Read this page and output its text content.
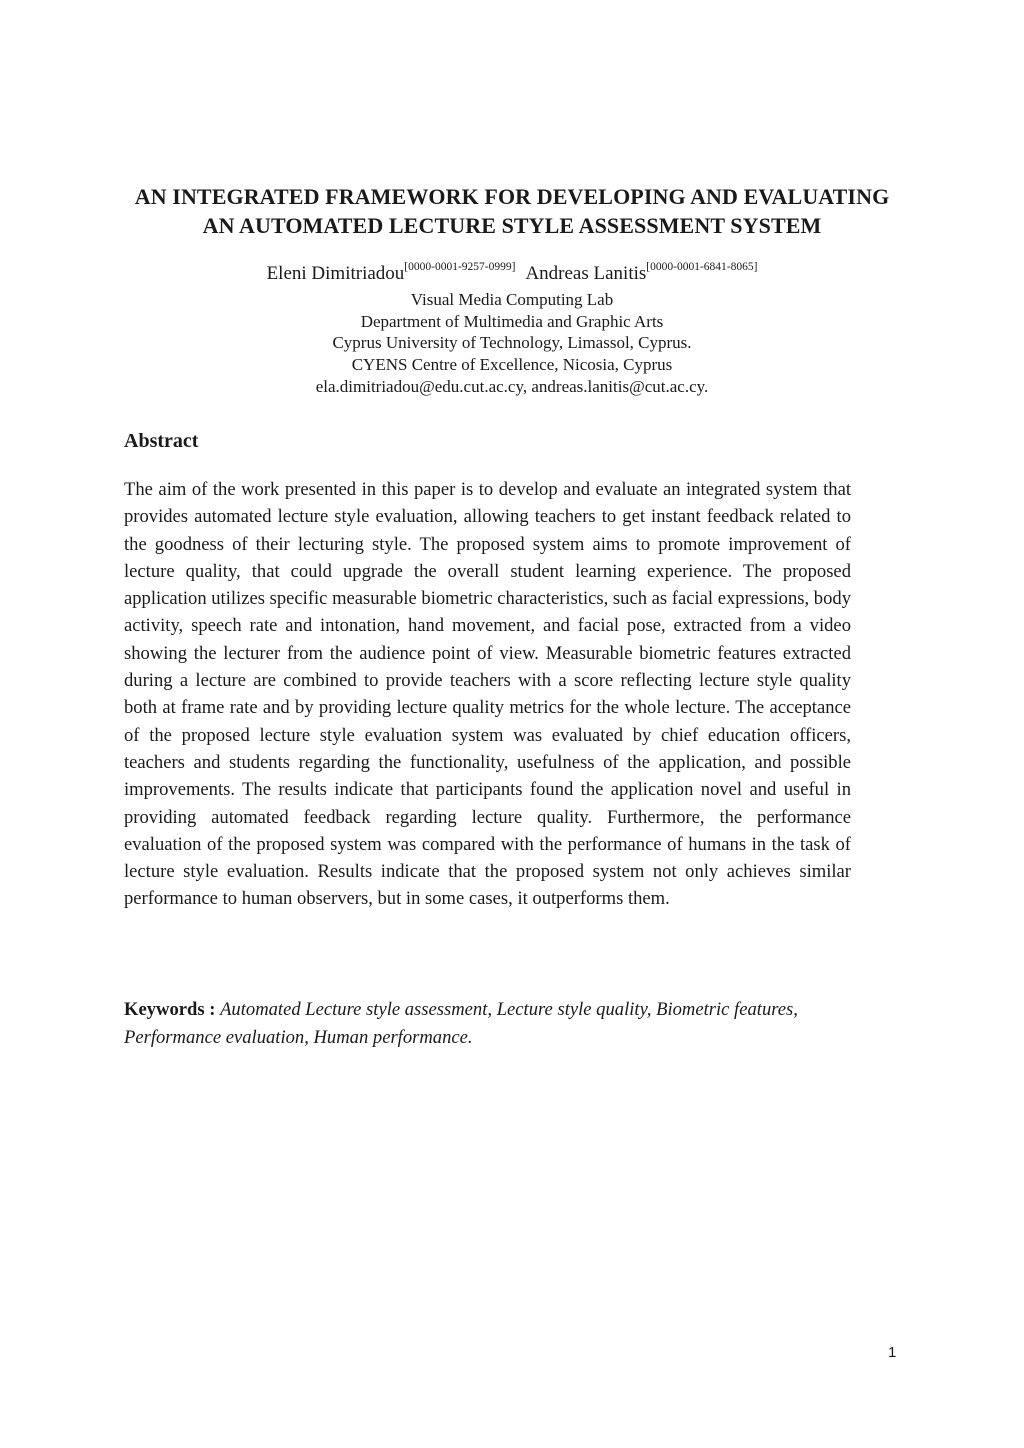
AN INTEGRATED FRAMEWORK FOR DEVELOPING AND EVALUATING
AN AUTOMATED LECTURE STYLE ASSESSMENT SYSTEM
Eleni Dimitriadou[0000-0001-9257-0999] Andreas Lanitis[0000-0001-6841-8065]
Visual Media Computing Lab
Department of Multimedia and Graphic Arts
Cyprus University of Technology, Limassol, Cyprus.
CYENS Centre of Excellence, Nicosia, Cyprus
ela.dimitriadou@edu.cut.ac.cy, andreas.lanitis@cut.ac.cy.
Abstract
The aim of the work presented in this paper is to develop and evaluate an integrated system that provides automated lecture style evaluation, allowing teachers to get instant feedback related to the goodness of their lecturing style. The proposed system aims to promote improvement of lecture quality, that could upgrade the overall student learning experience. The proposed application utilizes specific measurable biometric characteristics, such as facial expressions, body activity, speech rate and intonation, hand movement, and facial pose, extracted from a video showing the lecturer from the audience point of view. Measurable biometric features extracted during a lecture are combined to provide teachers with a score reflecting lecture style quality both at frame rate and by providing lecture quality metrics for the whole lecture. The acceptance of the proposed lecture style evaluation system was evaluated by chief education officers, teachers and students regarding the functionality, usefulness of the application, and possible improvements. The results indicate that participants found the application novel and useful in providing automated feedback regarding lecture quality. Furthermore, the performance evaluation of the proposed system was compared with the performance of humans in the task of lecture style evaluation. Results indicate that the proposed system not only achieves similar performance to human observers, but in some cases, it outperforms them.
Keywords : Automated Lecture style assessment, Lecture style quality, Biometric features, Performance evaluation, Human performance.
1
